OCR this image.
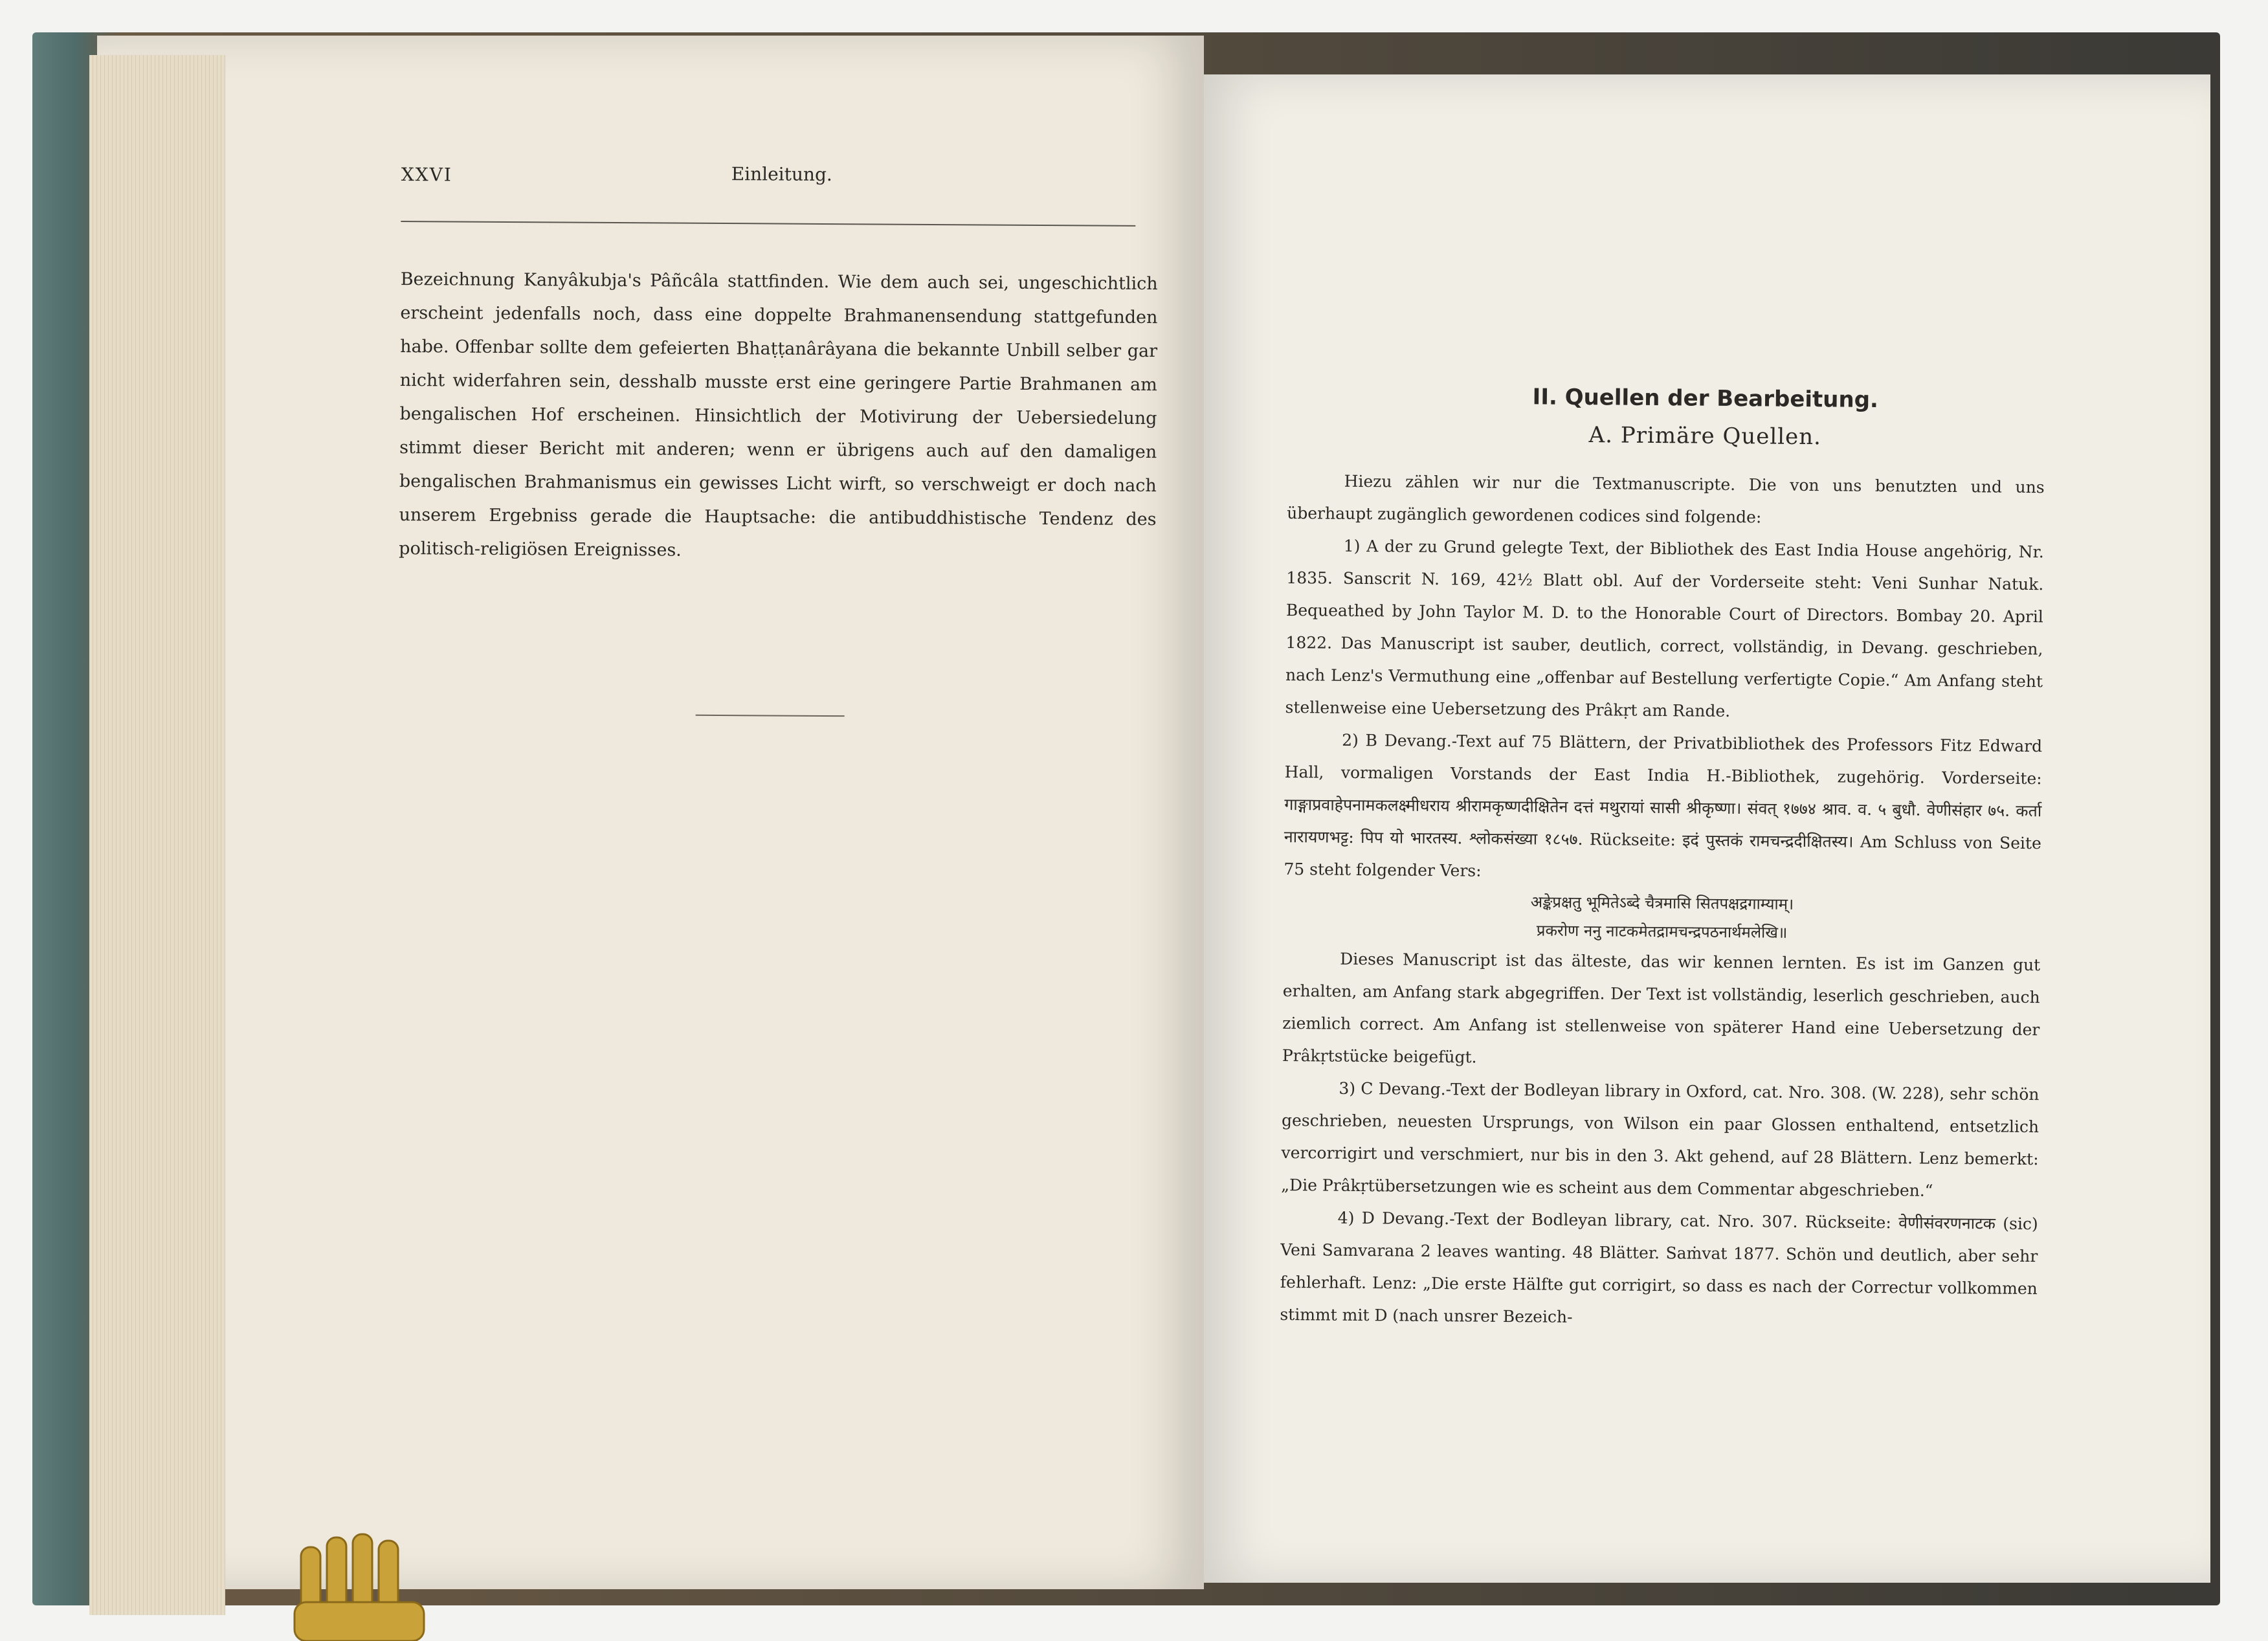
XXVI	Einleitung.

Bezeichnung Kanyâkubja's Pâñcâla stattfinden. Wie dem auch sei, ungeschichtlich erscheint jedenfalls noch, dass eine doppelte Brahmanensendung stattgefunden habe. Offenbar sollte dem gefeierten Bhaṭṭanârâyana die bekannte Unbill selber gar nicht widerfahren sein, desshalb musste erst eine geringere Partie Brahmanen am bengalischen Hof erscheinen. Hinsichtlich der Motivirung der Uebersiedelung stimmt dieser Bericht mit anderen; wenn er übrigens auch auf den damaligen bengalischen Brahmanismus ein gewisses Licht wirft, so verschweigt er doch nach unserem Ergebniss gerade die Hauptsache: die antibuddhistische Tendenz des politisch-religiösen Ereignisses.

II. Quellen der Bearbeitung.
A. Primäre Quellen.

Hiezu zählen wir nur die Textmanuscripte. Die von uns benutzten und uns überhaupt zugänglich gewordenen codices sind folgende:

1) A der zu Grund gelegte Text, der Bibliothek des East India House angehörig, Nr. 1835. Sanscrit N. 169, 42½ Blatt obl. Auf der Vorderseite steht: Veni Sunhar Natuk. Bequeathed by John Taylor M. D. to the Honorable Court of Directors. Bombay 20. April 1822. Das Manuscript ist sauber, deutlich, correct, vollständig, in Devang. geschrieben, nach Lenz's Vermuthung eine „offenbar auf Bestellung verfertigte Copie.“ Am Anfang steht stellenweise eine Uebersetzung des Prâkṛt am Rande.

2) B Devang.-Text auf 75 Blättern, der Privatbibliothek des Professors Fitz Edward Hall, vormaligen Vorstands der East India H.-Bibliothek, zugehörig. Vorderseite: गाङ्गाप्रवाहेपनामकलक्ष्मीधराय श्रीरामकृष्णदीक्षितेन दत्तं मथुरायां सासी श्रीकृष्णा। संवत् १७७४ श्राव. व. ५ बुधौ. वेणीसंहार ७५. कर्ता नारायणभट्ट: पिप यो भारतस्य. श्लोकसंख्या १८५७. Rückseite: इदं पुस्तकं रामचन्द्रदीक्षितस्य। Am Schluss von Seite 75 steht folgender Vers:

अङ्केप्रक्षतु भूमितेऽब्दे चैत्रमासि सितपक्षद्रगाम्याम्।
प्रकरोण ननु नाटकमेतद्रामचन्द्रपठनार्थमलेखि॥

Dieses Manuscript ist das älteste, das wir kennen lernten. Es ist im Ganzen gut erhalten, am Anfang stark abgegriffen. Der Text ist vollständig, leserlich geschrieben, auch ziemlich correct. Am Anfang ist stellenweise von späterer Hand eine Uebersetzung der Prâkṛtstücke beigefügt.

3) C Devang.-Text der Bodleyan library in Oxford, cat. Nro. 308. (W. 228), sehr schön geschrieben, neuesten Ursprungs, von Wilson ein paar Glossen enthaltend, entsetzlich vercorrigirt und verschmiert, nur bis in den 3. Akt gehend, auf 28 Blättern. Lenz bemerkt: „Die Prâkṛtübersetzungen wie es scheint aus dem Commentar abgeschrieben.“

4) D Devang.-Text der Bodleyan library, cat. Nro. 307. Rückseite: वेणीसंवरणनाटक (sic) Veni Samvarana 2 leaves wanting. 48 Blätter. Saṁvat 1877. Schön und deutlich, aber sehr fehlerhaft. Lenz: „Die erste Hälfte gut corrigirt, so dass es nach der Correctur vollkommen stimmt mit D (nach unsrer Bezeich-
